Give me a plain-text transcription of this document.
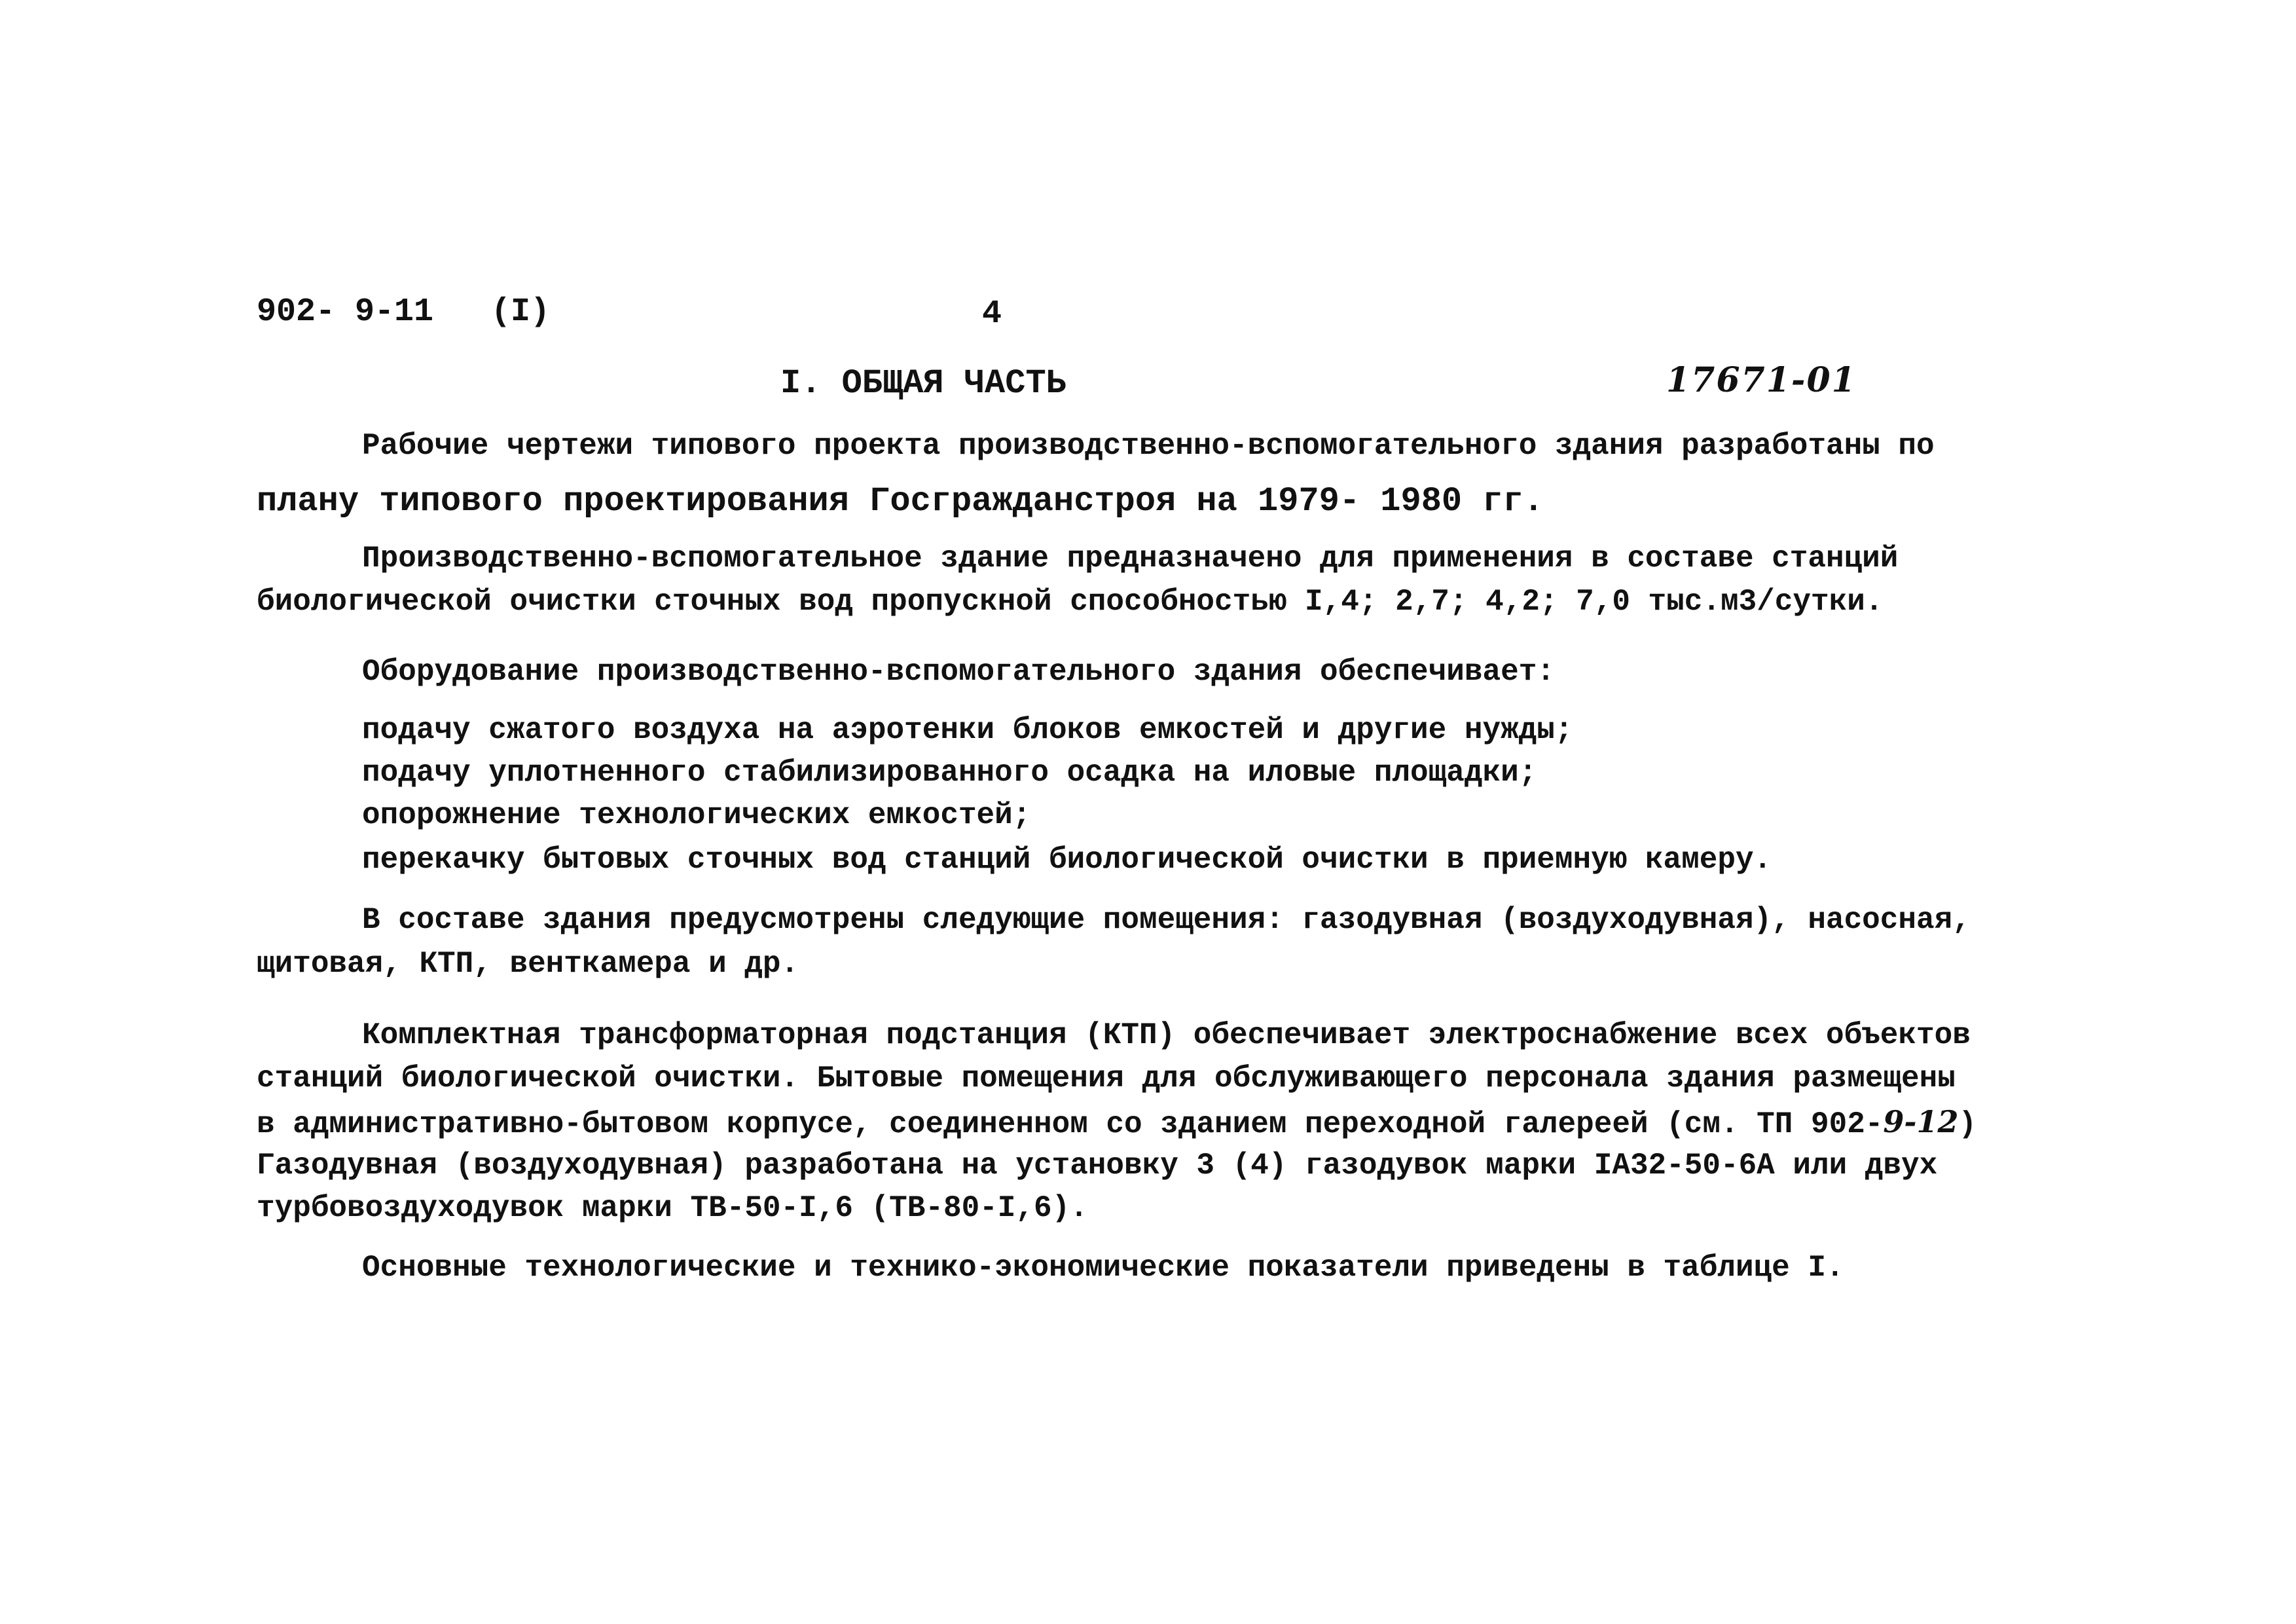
902- 9-11 (I)	4
I. ОБЩАЯ ЧАСТЬ	17671-01
Рабочие чертежи типового проекта производственно-вспомогательного здания разработаны по
плану типового проектирования Госгражданстроя на 1979- 1980 гг.
Производственно-вспомогательное здание предназначено для применения в составе станций
биологической очистки сточных вод пропускной способностью I,4; 2,7; 4,2; 7,0 тыс.м3/сутки.
Оборудование производственно-вспомогательного здания обеспечивает:
подачу сжатого воздуха на аэротенки блоков емкостей и другие нужды;
подачу уплотненного стабилизированного осадка на иловые площадки;
опорожнение технологических емкостей;
перекачку бытовых сточных вод станций биологической очистки в приемную камеру.
В составе здания предусмотрены следующие помещения: газодувная (воздуходувная), насосная,
щитовая, КТП, венткамера и др.
Комплектная трансформаторная подстанция (КТП) обеспечивает электроснабжение всех объектов
станций биологической очистки. Бытовые помещения для обслуживающего персонала здания размещены
в административно-бытовом корпусе, соединенном со зданием переходной галереей (см. ТП 902-9-12)
Газодувная (воздуходувная) разработана на установку 3 (4) газодувок марки IA32-50-6A или двух
турбовоздуходувок марки ТВ-50-I,6 (ТВ-80-I,6).
Основные технологические и технико-экономические показатели приведены в таблице I.
